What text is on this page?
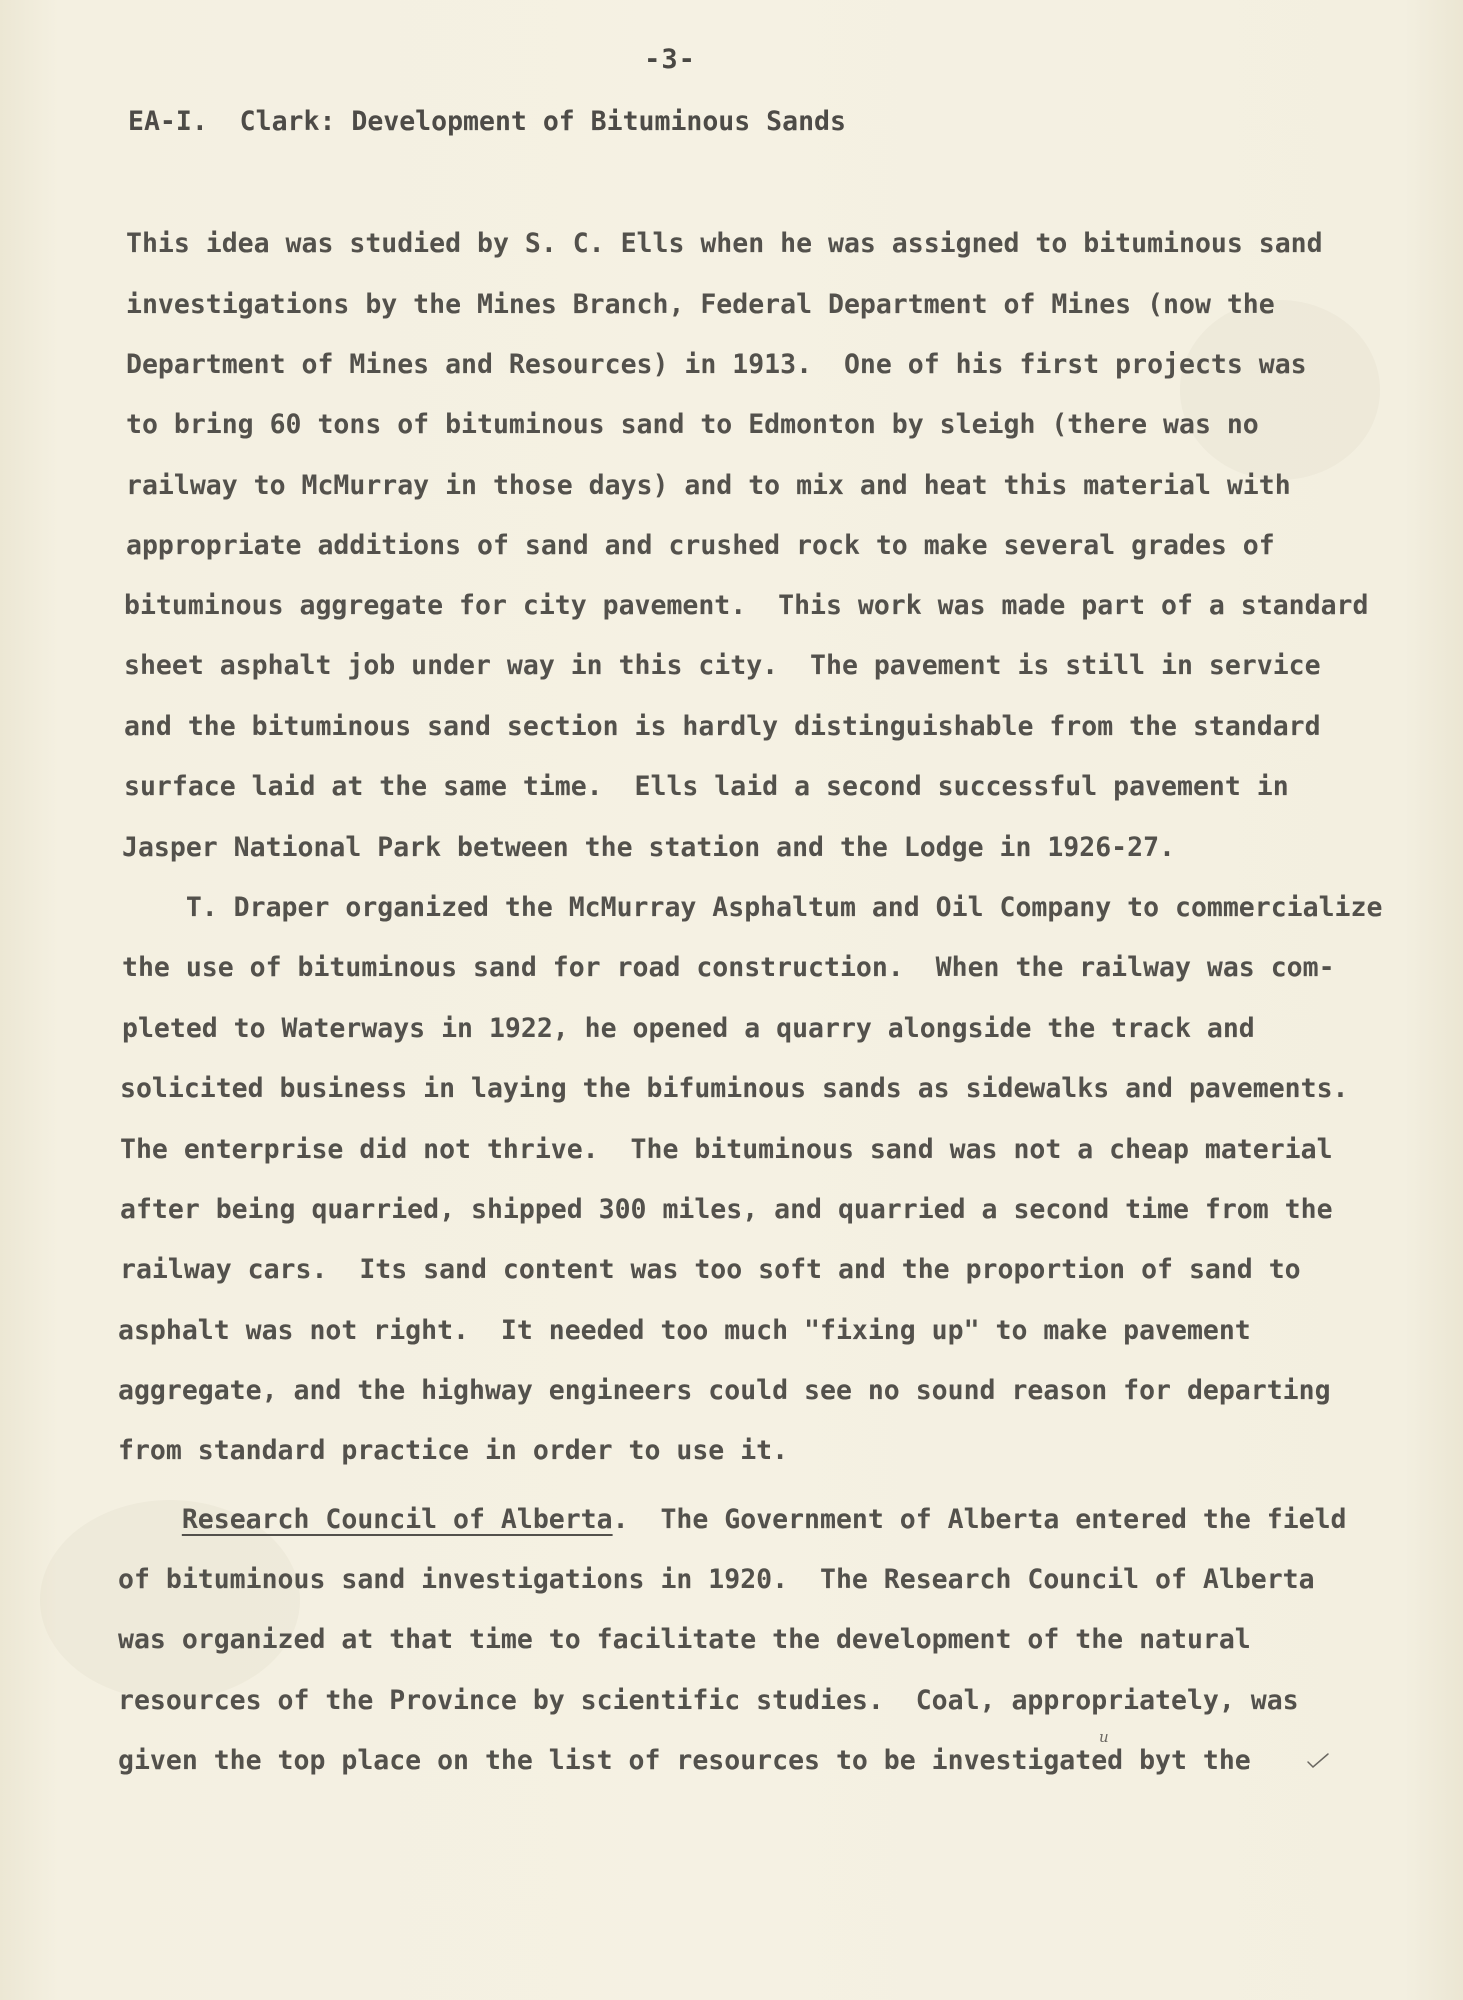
-3-
EA-I.  Clark: Development of Bituminous Sands
This idea was studied by S. C. Ells when he was assigned to bituminous sand
investigations by the Mines Branch, Federal Department of Mines (now the
Department of Mines and Resources) in 1913.  One of his first projects was
to bring 60 tons of bituminous sand to Edmonton by sleigh (there was no
railway to McMurray in those days) and to mix and heat this material with
appropriate additions of sand and crushed rock to make several grades of
bituminous aggregate for city pavement.  This work was made part of a standard
sheet asphalt job under way in this city.  The pavement is still in service
and the bituminous sand section is hardly distinguishable from the standard
surface laid at the same time.  Ells laid a second successful pavement in
Jasper National Park between the station and the Lodge in 1926-27.
T. Draper organized the McMurray Asphaltum and Oil Company to commercialize
the use of bituminous sand for road construction.  When the railway was com-
pleted to Waterways in 1922, he opened a quarry alongside the track and
solicited business in laying the bifuminous sands as sidewalks and pavements.
The enterprise did not thrive.  The bituminous sand was not a cheap material
after being quarried, shipped 300 miles, and quarried a second time from the
railway cars.  Its sand content was too soft and the proportion of sand to
asphalt was not right.  It needed too much "fixing up" to make pavement
aggregate, and the highway engineers could see no sound reason for departing
from standard practice in order to use it.
Research Council of Alberta.  The Government of Alberta entered the field
of bituminous sand investigations in 1920.  The Research Council of Alberta
was organized at that time to facilitate the development of the natural
resources of the Province by scientific studies.  Coal, appropriately, was
given the top place on the list of resources to be investigated byt the
u
